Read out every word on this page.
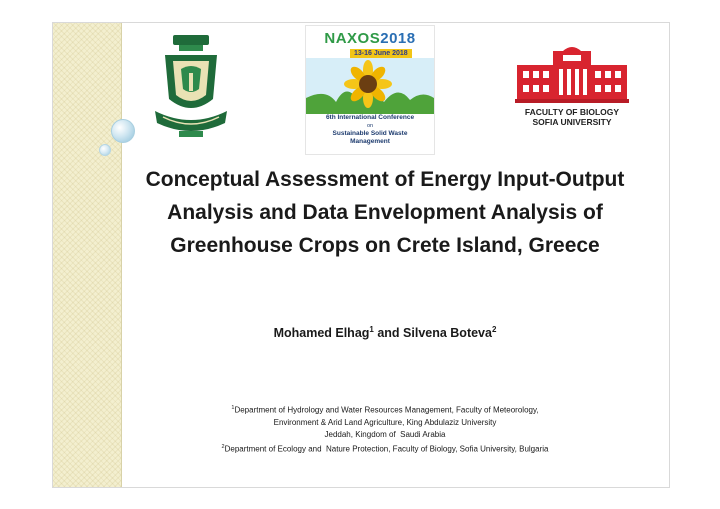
NAXOS2018
13-16 June 2018
6th International Conference
on
Sustainable Solid Waste
Management
FACULTY OF BIOLOGY
SOFIA UNIVERSITY
Conceptual Assessment of Energy Input-Output
Analysis and Data Envelopment Analysis of
Greenhouse Crops on Crete Island, Greece
Mohamed Elhag$^1$ and Silvena Boteva$^2$
$^1$Department of Hydrology and Water Resources Management, Faculty of Meteorology,
Environment & Arid Land Agriculture, King Abdulaziz University
Jeddah, Kingdom of  Saudi Arabia
$^2$Department of Ecology and  Nature Protection, Faculty of Biology, Sofia University, Bulgaria
